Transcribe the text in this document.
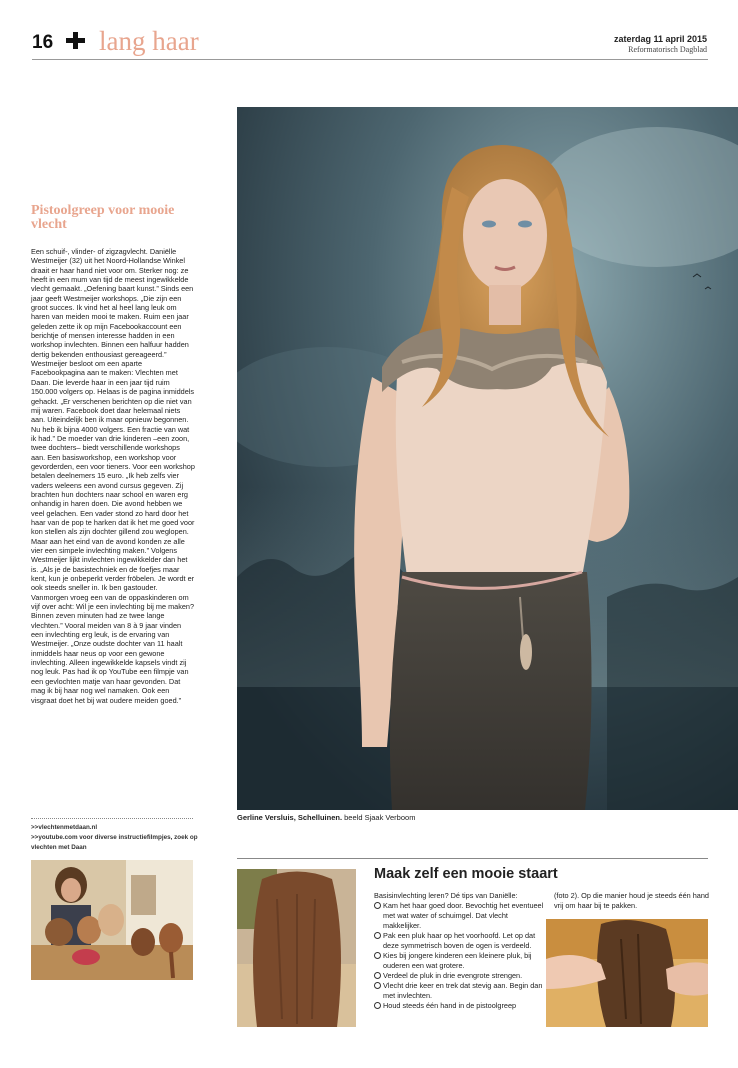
16 lang haar	zaterdag 11 april 2015
Reformatorisch Dagblad
Gerline Versluis, Schelluinen. beeld Sjaak Verboom
Pistoolgreep voor mooie vlecht

Een schuif-, vlinder- of zigzagvlecht. Daniëlle Westmeijer (32) uit het Noord-Hollandse Winkel draait er haar hand niet voor om. Sterker nog: ze heeft in een mum van tijd de meest ingewikkelde vlecht gemaakt. „Oefening baart kunst.” Sinds een jaar geeft Westmeijer workshops. „Die zijn een groot succes. Ik vind het al heel lang leuk om haren van meiden mooi te maken. Ruim een jaar geleden zette ik op mijn Facebookaccount een berichtje of mensen interesse hadden in een workshop invlechten. Binnen een halfuur hadden dertig bekenden enthousiast gereageerd.” Westmeijer besloot om een aparte Facebookpagina aan te maken: Vlechten met Daan. Die leverde haar in een jaar tijd ruim 150.000 volgers op. Helaas is de pagina inmiddels gehackt. „Er verschenen berichten op die niet van mij waren. Facebook doet daar helemaal niets aan. Uiteindelijk ben ik maar opnieuw begonnen. Nu heb ik bijna 4000 volgers. Een fractie van wat ik had.” De moeder van drie kinderen –een zoon, twee dochters– biedt verschillende workshops aan. Een basisworkshop, een workshop voor gevorderden, een voor tieners. Voor een workshop betalen deelnemers 15 euro. „Ik heb zelfs vier vaders weleens een avond cursus gegeven. Zij brachten hun dochters naar school en waren erg onhandig in haren doen. Die avond hebben we veel gelachen. Een vader stond zo hard door het haar van de pop te harken dat ik het me goed voor kon stellen als zijn dochter gillend zou weglopen. Maar aan het eind van de avond konden ze alle vier een simpele invlechting maken.” Volgens Westmeijer lijkt invlechten ingewikkelder dan het is. „Als je de basistechniek en de foefjes maar kent, kun je onbeperkt verder fröbelen. Je wordt er ook steeds sneller in. Ik ben gastouder. Vanmorgen vroeg een van de oppaskinderen om vijf over acht: Wil je een invlechting bij me maken? Binnen zeven minuten had ze twee lange vlechten.” Vooral meiden van 8 à 9 jaar vinden een invlechting erg leuk, is de ervaring van Westmeijer. „Onze oudste dochter van 11 haalt inmiddels haar neus op voor een gewone invlechting. Alleen ingewikkelde kapsels vindt zij nog leuk. Pas had ik op YouTube een filmpje van een gevlochten matje van haar gevonden. Dat mag ik bij haar nog wel namaken. Ook een visgraat doet het bij wat oudere meiden goed.”

>>vlechtenmetdaan.nl
>>youtube.com voor diverse instructiefilmpjes, zoek op vlechten met Daan
Maak zelf een mooie staart
Basisinvlechting leren? Dé tips van Daniëlle:
Kam het haar goed door. Bevochtig het eventueel met wat water of schuimgel. Dat vlecht makkelijker.
Pak een pluk haar op het voorhoofd. Let op dat deze symmetrisch boven de ogen is verdeeld.
Kies bij jongere kinderen een kleinere pluk, bij ouderen een wat grotere.
Verdeel de pluk in drie evengrote strengen.
Vlecht drie keer en trek dat stevig aan. Begin dan met invlechten.
Houd steeds één hand in de pistoolgreep
(foto 2). Op die manier houd je steeds één hand vrij om haar bij te pakken.
